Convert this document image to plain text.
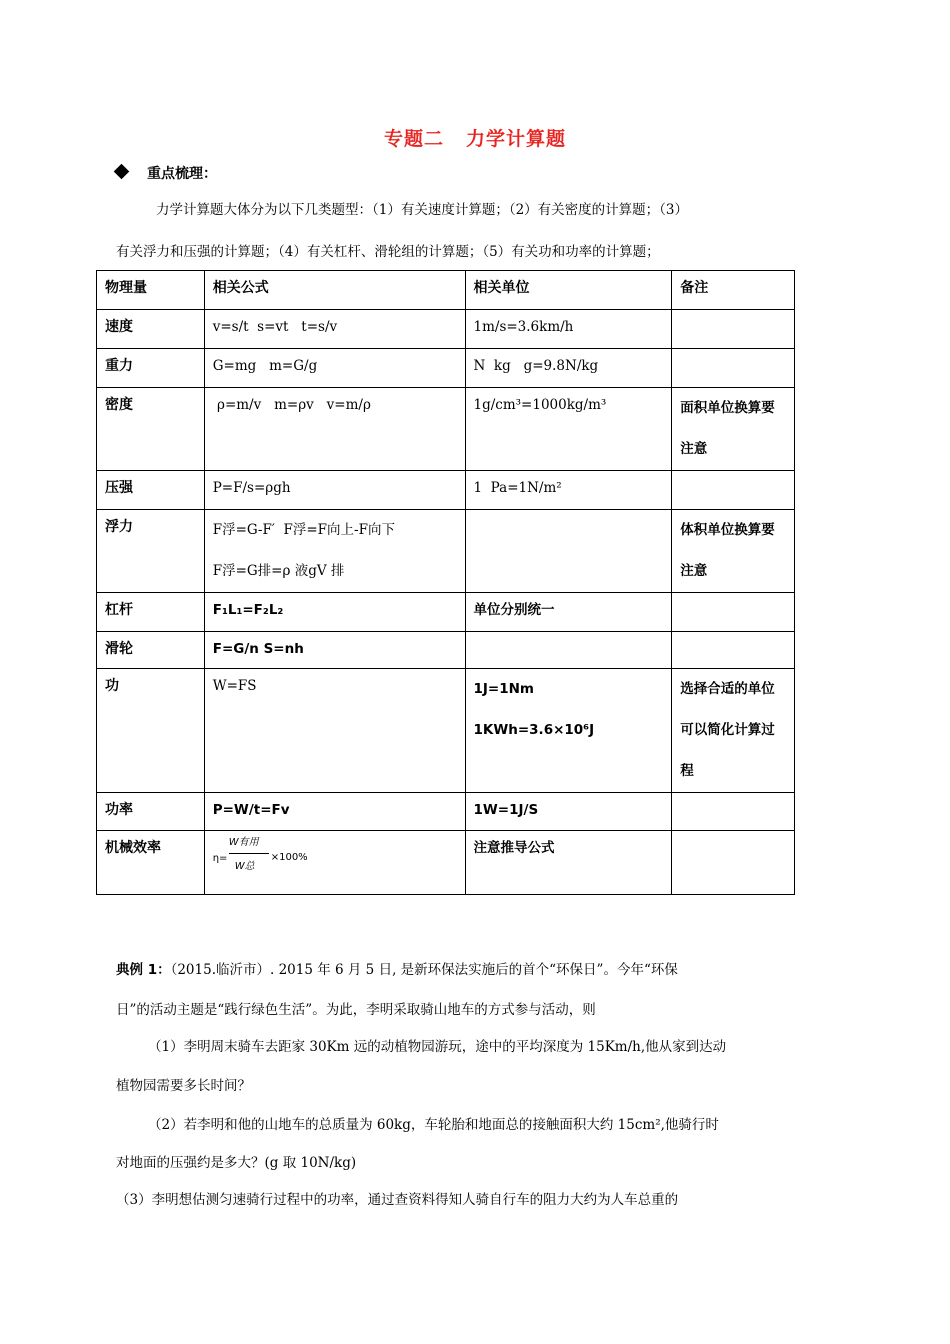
专题二 力学计算题
重点梳理：
力学计算题大体分为以下几类题型：（1）有关速度计算题；（2）有关密度的计算题；（3）
有关浮力和压强的计算题；（4）有关杠杆、滑轮组的计算题；（5）有关功和功率的计算题；
物理量	相关公式	相关单位	备注
速度	v=s/t  s=vt   t=s/v	1m/s=3.6km/h	
重力	G=mg   m=G/g	N  kg   g=9.8N/kg	
密度	ρ=m/v   m=ρv   v=m/ρ	1g/cm³=1000kg/m³	面积单位换算要注意
压强	P=F/s=ρgh	1  Pa=1N/m²	
浮力	F浮=G-F′  F浮=F向上-F向下
F浮=G排=ρ 液gV 排		体积单位换算要注意
杠杆	F₁L₁=F₂L₂	单位分别统一	
滑轮	F=G/n S=nh		
功	W=FS	1J=1Nm
1KWh=3.6×10⁶J	选择合适的单位可以简化计算过程
功率	P=W/t=Fv	1W=1J/S	
机械效率	η=
W有用
W总
×100%	注意推导公式	
典例 1：（2015.临沂市）. 2015 年 6 月 5 日, 是新环保法实施后的首个“环保日”。今年“环保
日”的活动主题是“践行绿色生活”。为此，李明采取骑山地车的方式参与活动，则
（1）李明周末骑车去距家 30Km 远的动植物园游玩，途中的平均深度为 15Km/h,他从家到达动
植物园需要多长时间？
（2）若李明和他的山地车的总质量为 60kg，车轮胎和地面总的接触面积大约 15cm²,他骑行时
对地面的压强约是多大？(g 取 10N/kg)
（3）李明想估测匀速骑行过程中的功率，通过查资料得知人骑自行车的阻力大约为人车总重的
